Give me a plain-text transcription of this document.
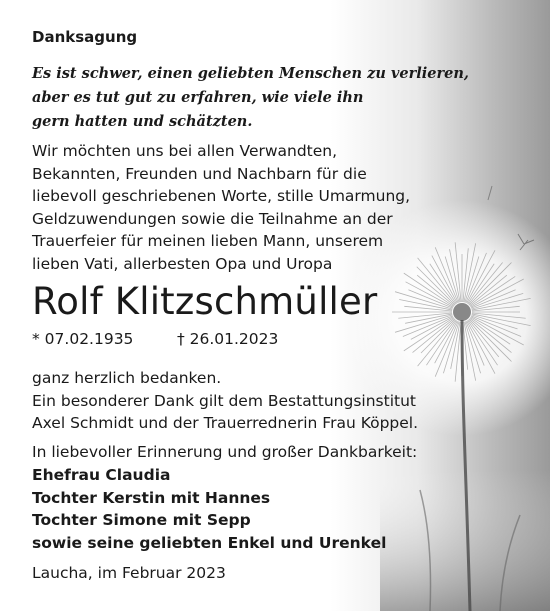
Danksagung
Es ist schwer, einen geliebten Menschen zu verlieren,
aber es tut gut zu erfahren, wie viele ihn
gern hatten und schätzten.
Wir möchten uns bei allen Verwandten,
Bekannten, Freunden und Nachbarn für die
liebevoll geschriebenen Worte, stille Umarmung,
Geldzuwendungen sowie die Teilnahme an der
Trauerfeier für meinen lieben Mann, unserem
lieben Vati, allerbesten Opa und Uropa
Rolf Klitzschmüller
* 07.02.1935	† 26.01.2023
ganz herzlich bedanken.
Ein besonderer Dank gilt dem Bestattungsinstitut
Axel Schmidt und der Trauerrednerin Frau Köppel.
In liebevoller Erinnerung und großer Dankbarkeit:
Ehefrau Claudia
Tochter Kerstin mit Hannes
Tochter Simone mit Sepp
sowie seine geliebten Enkel und Urenkel
Laucha, im Februar 2023
